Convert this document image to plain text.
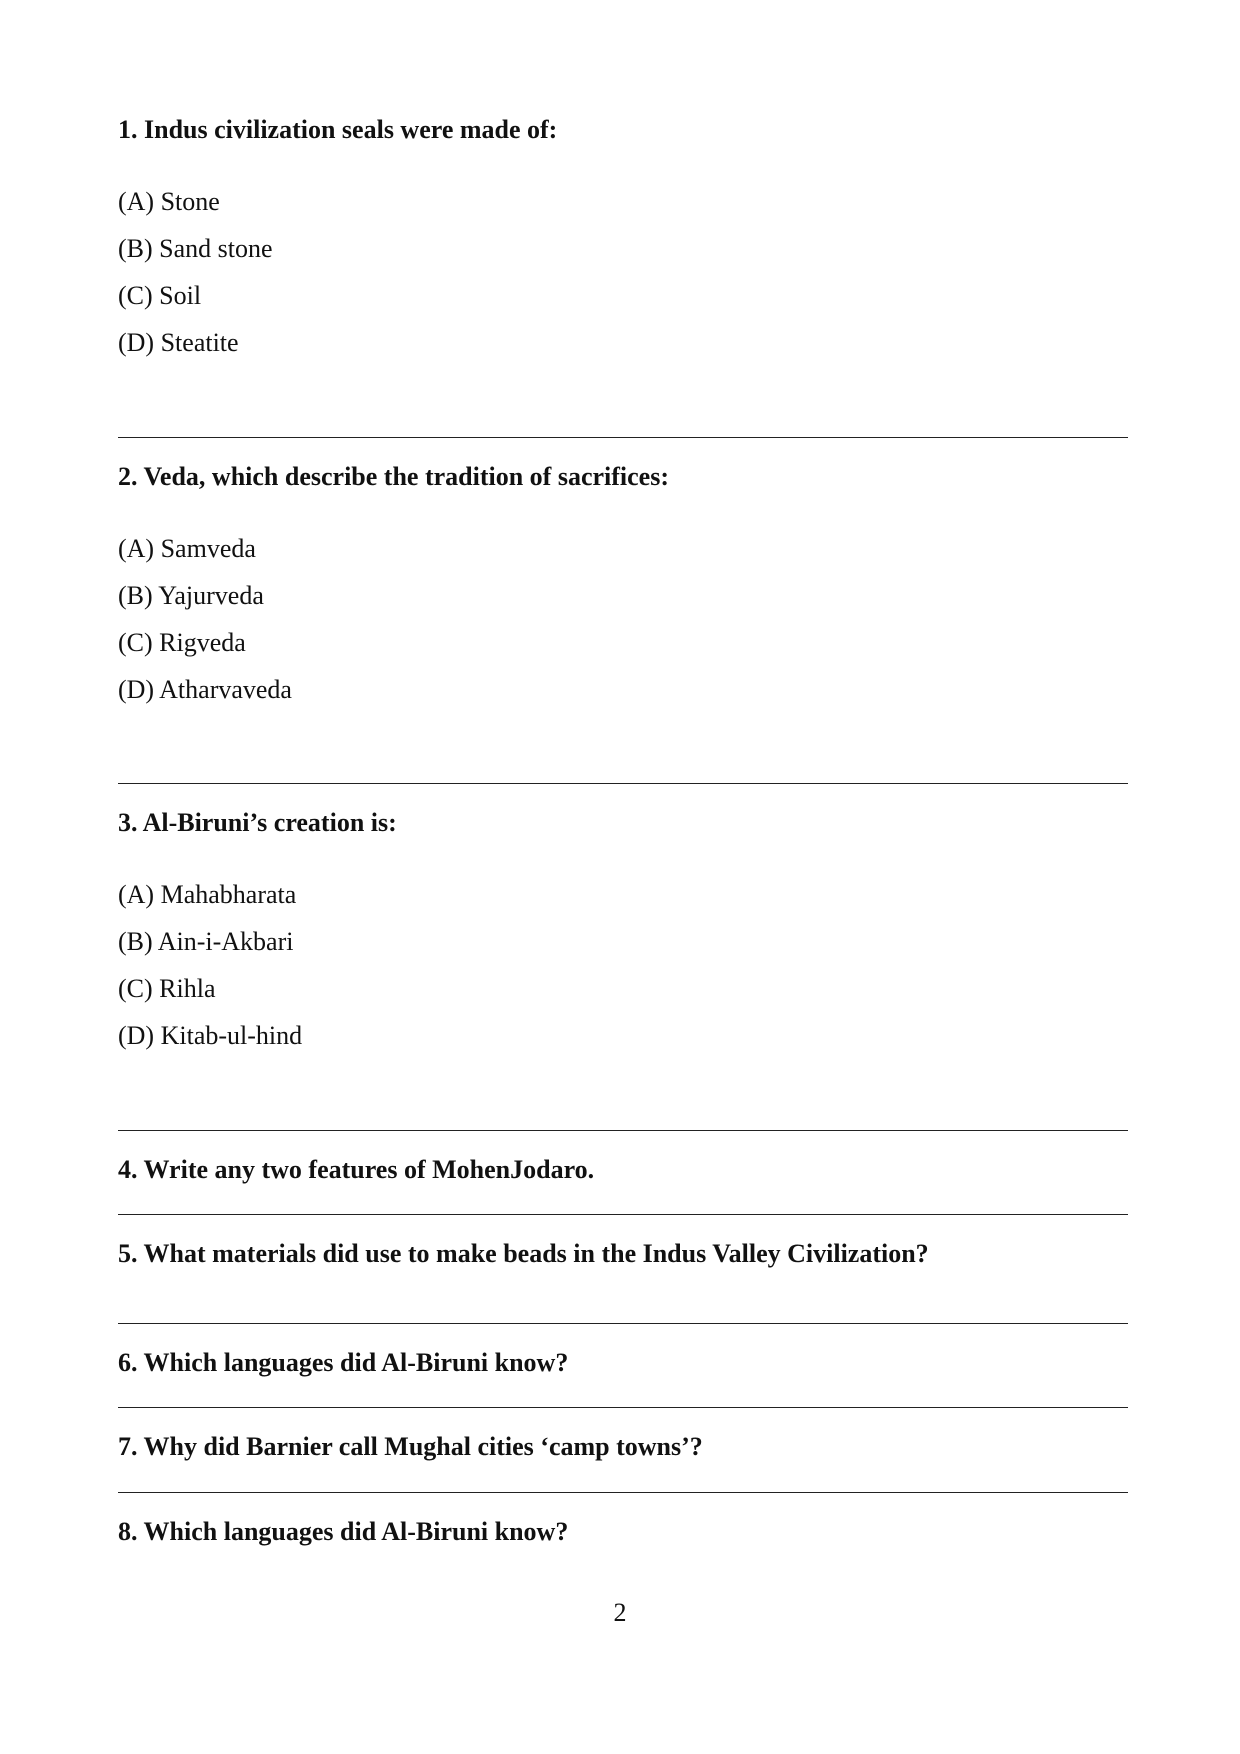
1. Indus civilization seals were made of:

(A) Stone

(B) Sand stone

(C) Soil

(D) Steatite

2. Veda, which describe the tradition of sacrifices:

(A) Samveda

(B) Yajurveda

(C) Rigveda

(D) Atharvaveda

3. Al-Biruni’s creation is:

(A) Mahabharata

(B) Ain-i-Akbari

(C) Rihla

(D) Kitab-ul-hind

4. Write any two features of MohenJodaro.

5. What materials did use to make beads in the Indus Valley Civilization?

6. Which languages did Al-Biruni know?

7. Why did Barnier call Mughal cities ‘camp towns’?

8. Which languages did Al-Biruni know?

2
